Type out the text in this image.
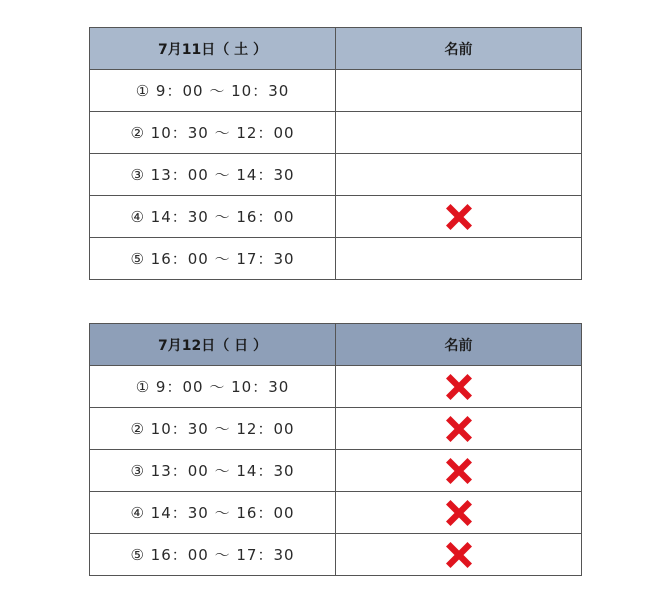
7月11日（ 土 ）	名前
① 9：00 〜 10：30	
② 10：30 〜 12：00	
③ 13：00 〜 14：30	
④ 14：30 〜 16：00	
⑤ 16：00 〜 17：30	
7月12日（ 日 ）	名前
① 9：00 〜 10：30	
② 10：30 〜 12：00	
③ 13：00 〜 14：30	
④ 14：30 〜 16：00	
⑤ 16：00 〜 17：30	
